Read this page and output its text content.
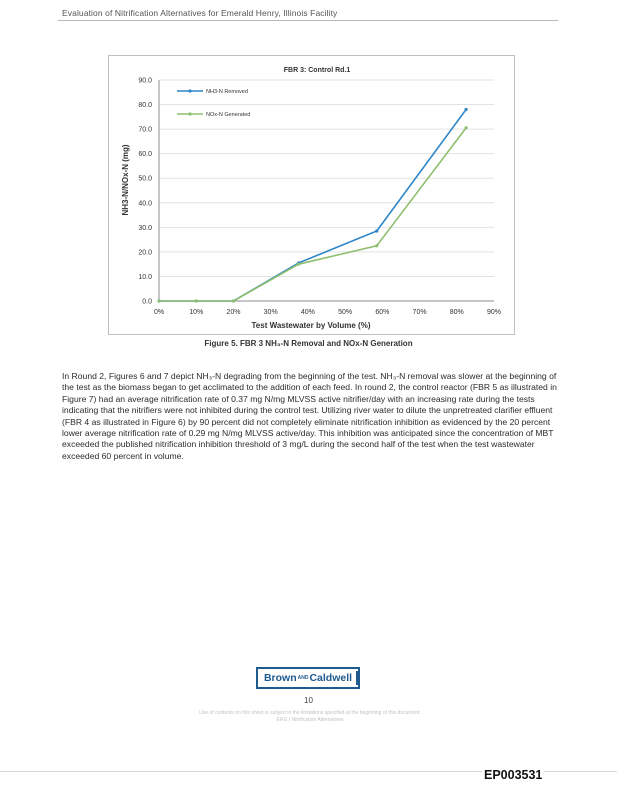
Evaluation of Nitrification Alternatives for Emerald Henry, Illinois Facility
0.0
10.0
20.0
30.0
40.0
50.0
60.0
70.0
80.0
90.0
0%	10%	20%	30%	40%	50%	60%	70%	80%	90%
FBR 3: Control Rd.1
Test Wastewater by Volume (%)
NH3-N/NOx-N (mg)
NH3-N Removed
NOx-N Generated
Figure 5. FBR 3 NH₃-N Removal and NOx-N Generation

In Round 2, Figures 6 and 7 depict NH₃-N degrading from the beginning of the test. NH₃-N removal was slower at the beginning of the test as the biomass began to get acclimated to the addition of each feed. In round 2, the control reactor (FBR 5 as illustrated in Figure 7) had an average nitrification rate of 0.37 mg N/mg MLVSS active nitrifier/day with an increasing rate during the tests indicating that the nitrifiers were not inhibited during the control test. Utilizing river water to dilute the unpretreated clarifier effluent (FBR 4 as illustrated in Figure 6) by 90 percent did not completely eliminate nitrification inhibition as evidenced by the 20 percent lower average nitrification rate of 0.29 mg N/mg MLVSS active/day. This inhibition was anticipated since the concentration of MBT exceeded the published nitrification inhibition threshold of 3 mg/L during the second half of the test when the test wastewater exceeded 60 percent in volume.

Brown AND Caldwell
10
Use of contents on this sheet is subject to the limitations specified at the beginning of this document.
ERG / Nitrification Alternatives
EP003531
